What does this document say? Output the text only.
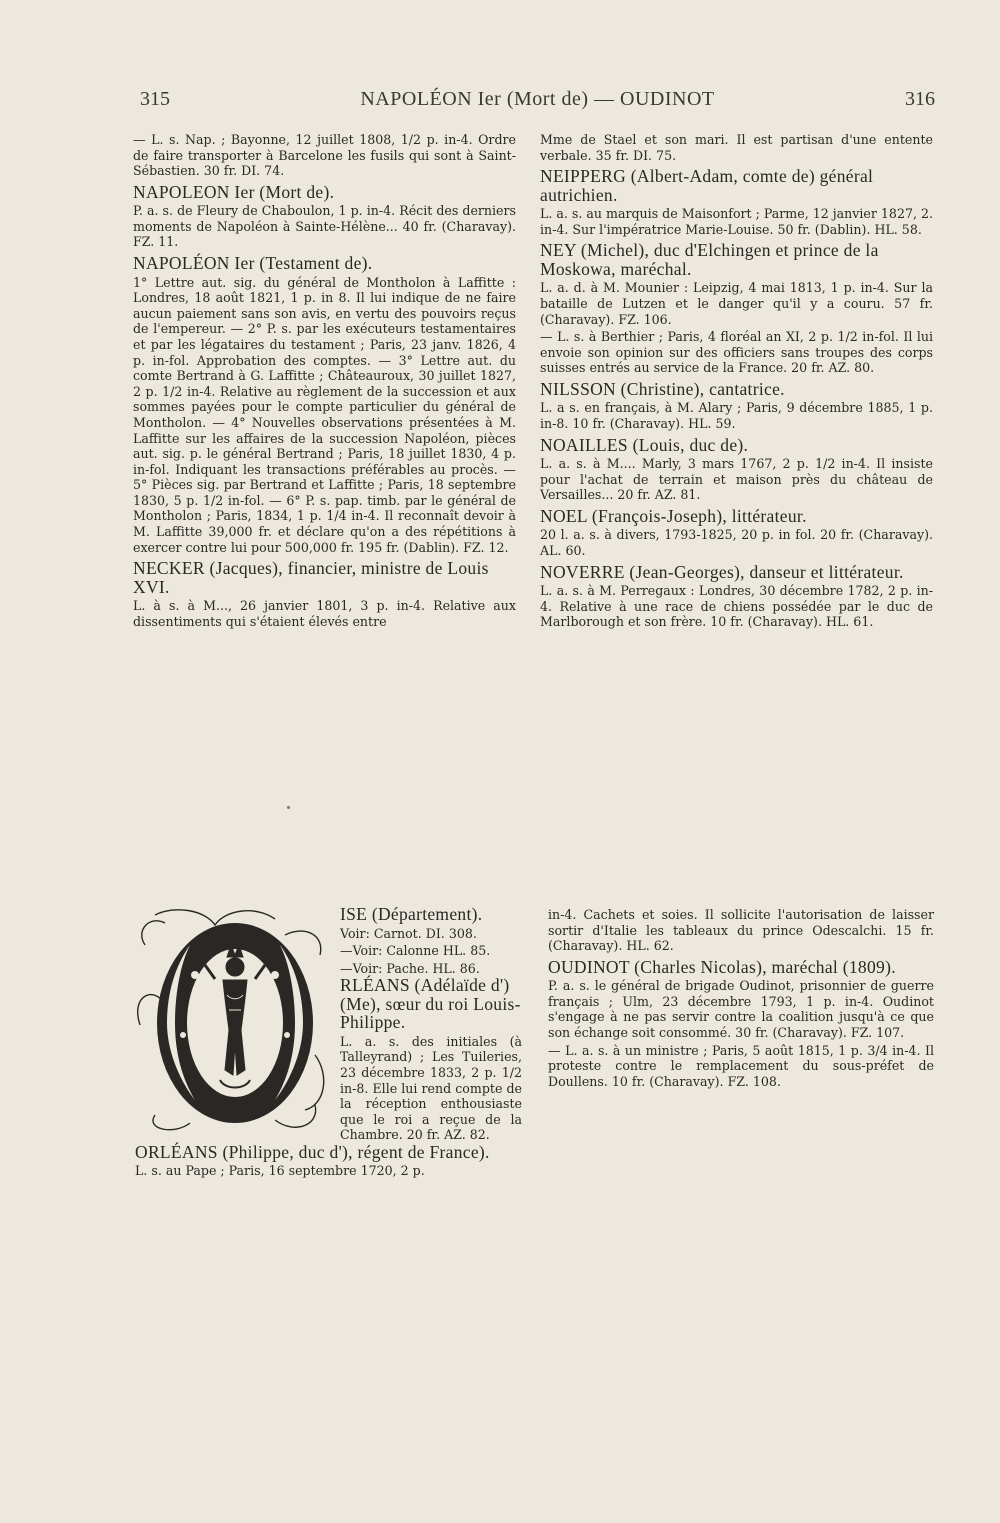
315	NAPOLÉON Ier (Mort de) — OUDINOT	316

— L. s. Nap. ; Bayonne, 12 juillet 1808, 1/2 p. in-4. Ordre de faire transporter à Barcelone les fusils qui sont à Saint-Sébastien. 30 fr. DI. 74.

NAPOLEON Ier (Mort de).

P. a. s. de Fleury de Chaboulon, 1 p. in-4. Récit des derniers moments de Napoléon à Sainte-Hélène... 40 fr. (Charavay). FZ. 11.

NAPOLÉON Ier (Testament de).

1° Lettre aut. sig. du général de Montholon à Laffitte : Londres, 18 août 1821, 1 p. in 8. Il lui indique de ne faire aucun paiement sans son avis, en vertu des pouvoirs reçus de l'empereur. — 2° P. s. par les exécuteurs testamentaires et par les légataires du testament ; Paris, 23 janv. 1826, 4 p. in-fol. Approbation des comptes. — 3° Lettre aut. du comte Bertrand à G. Laffitte ; Châteauroux, 30 juillet 1827, 2 p. 1/2 in-4. Relative au règlement de la succession et aux sommes payées pour le compte particulier du général de Montholon. — 4° Nouvelles observations présentées à M. Laffitte sur les affaires de la succession Napoléon, pièces aut. sig. p. le général Bertrand ; Paris, 18 juillet 1830, 4 p. in-fol. Indiquant les transactions préférables au procès. — 5° Pièces sig. par Bertrand et Laffitte ; Paris, 18 septembre 1830, 5 p. 1/2 in-fol. — 6° P. s. pap. timb. par le général de Montholon ; Paris, 1834, 1 p. 1/4 in-4. Il reconnaît devoir à M. Laffitte 39,000 fr. et déclare qu'on a des répétitions à exercer contre lui pour 500,000 fr. 195 fr. (Dablin). FZ. 12.

NECKER (Jacques), financier, ministre de Louis XVI.

L. à s. à M..., 26 janvier 1801, 3 p. in-4. Relative aux dissentiments qui s'étaient élevés entre

Mme de Stael et son mari. Il est partisan d'une entente verbale. 35 fr. DI. 75.

NEIPPERG (Albert-Adam, comte de) général autrichien.

L. a. s. au marquis de Maisonfort ; Parme, 12 janvier 1827, 2. in-4. Sur l'impératrice Marie-Louise. 50 fr. (Dablin). HL. 58.

NEY (Michel), duc d'Elchingen et prince de la Moskowa, maréchal.

L. a. d. à M. Mounier : Leipzig, 4 mai 1813, 1 p. in-4. Sur la bataille de Lutzen et le danger qu'il y a couru. 57 fr. (Charavay). FZ. 106.

— L. s. à Berthier ; Paris, 4 floréal an XI, 2 p. 1/2 in-fol. Il lui envoie son opinion sur des officiers sans troupes des corps suisses entrés au service de la France. 20 fr. AZ. 80.

NILSSON (Christine), cantatrice.

L. a s. en français, à M. Alary ; Paris, 9 décembre 1885, 1 p. in-8. 10 fr. (Charavay). HL. 59.

NOAILLES (Louis, duc de).

L. a. s. à M.... Marly, 3 mars 1767, 2 p. 1/2 in-4. Il insiste pour l'achat de terrain et maison près du château de Versailles... 20 fr. AZ. 81.

NOEL (François-Joseph), littérateur.

20 l. a. s. à divers, 1793-1825, 20 p. in fol. 20 fr. (Charavay). AL. 60.

NOVERRE (Jean-Georges), danseur et littérateur.

L. a. s. à M. Perregaux : Londres, 30 décembre 1782, 2 p. in-4. Relative à une race de chiens possédée par le duc de Marlborough et son frère. 10 fr. (Charavay). HL. 61.

ISE (Département).

Voir: Carnot. DI. 308.

—Voir: Calonne HL. 85.

—Voir: Pache. HL. 86.

RLÉANS (Adélaïde d') (Me), sœur du roi Louis-Philippe.

L. a. s. des initiales (à Talleyrand) ; Les Tuileries, 23 décembre 1833, 2 p. 1/2 in-8. Elle lui rend compte de la réception enthousiaste que le roi a reçue de la Chambre. 20 fr. AZ. 82.

ORLÉANS (Philippe, duc d'), régent de France).

L. s. au Pape ; Paris, 16 septembre 1720, 2 p.

in-4. Cachets et soies. Il sollicite l'autorisation de laisser sortir d'Italie les tableaux du prince Odescalchi. 15 fr. (Charavay). HL. 62.

OUDINOT (Charles Nicolas), maréchal (1809).

P. a. s. le général de brigade Oudinot, prisonnier de guerre français ; Ulm, 23 décembre 1793, 1 p. in-4. Oudinot s'engage à ne pas servir contre la coalition jusqu'à ce que son échange soit consommé. 30 fr. (Charavay). FZ. 107.

— L. a. s. à un ministre ; Paris, 5 août 1815, 1 p. 3/4 in-4. Il proteste contre le remplacement du sous-préfet de Doullens. 10 fr. (Charavay). FZ. 108.
